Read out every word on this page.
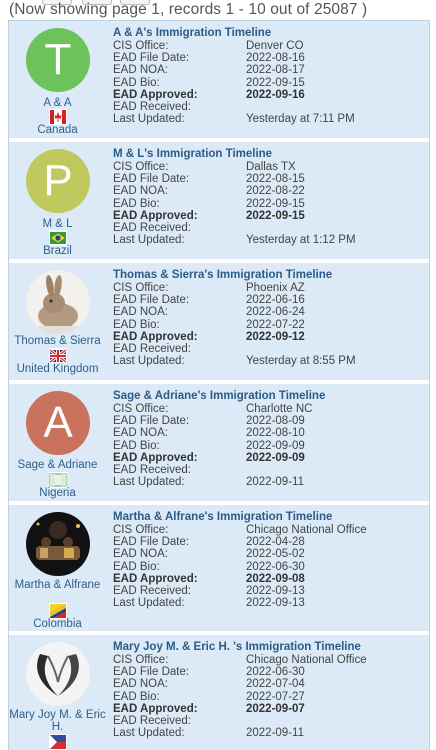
(Now showing page 1, records 1 - 10 out of 25087 )
T
A & A
Canada
A & A's Immigration Timeline
CIS Office:	Denver CO
EAD File Date:	2022-08-16
EAD NOA:	2022-08-17
EAD Bio:	2022-09-15
EAD Approved:	2022-09-16
EAD Received:
Last Updated:	Yesterday at 7:11 PM
P
M & L
Brazil
M & L's Immigration Timeline
CIS Office:	Dallas TX
EAD File Date:	2022-08-15
EAD NOA:	2022-08-22
EAD Bio:	2022-09-15
EAD Approved:	2022-09-15
EAD Received:
Last Updated:	Yesterday at 1:12 PM
Thomas & Sierra
United Kingdom
Thomas & Sierra's Immigration Timeline
CIS Office:	Phoenix AZ
EAD File Date:	2022-06-16
EAD NOA:	2022-06-24
EAD Bio:	2022-07-22
EAD Approved:	2022-09-12
EAD Received:
Last Updated:	Yesterday at 8:55 PM
A
Sage & Adriane
Nigeria
Sage & Adriane's Immigration Timeline
CIS Office:	Charlotte NC
EAD File Date:	2022-08-09
EAD NOA:	2022-08-10
EAD Bio:	2022-09-09
EAD Approved:	2022-09-09
EAD Received:
Last Updated:	2022-09-11
Martha & Alfrane
Colombia
Martha & Alfrane's Immigration Timeline
CIS Office:	Chicago National Office
EAD File Date:	2022-04-28
EAD NOA:	2022-05-02
EAD Bio:	2022-06-30
EAD Approved:	2022-09-08
EAD Received:	2022-09-13
Last Updated:	2022-09-13
Mary Joy M. & Eric H.
Mary Joy M. & Eric H. 's Immigration Timeline
CIS Office:	Chicago National Office
EAD File Date:	2022-06-30
EAD NOA:	2022-07-04
EAD Bio:	2022-07-27
EAD Approved:	2022-09-07
EAD Received:
Last Updated:	2022-09-11
